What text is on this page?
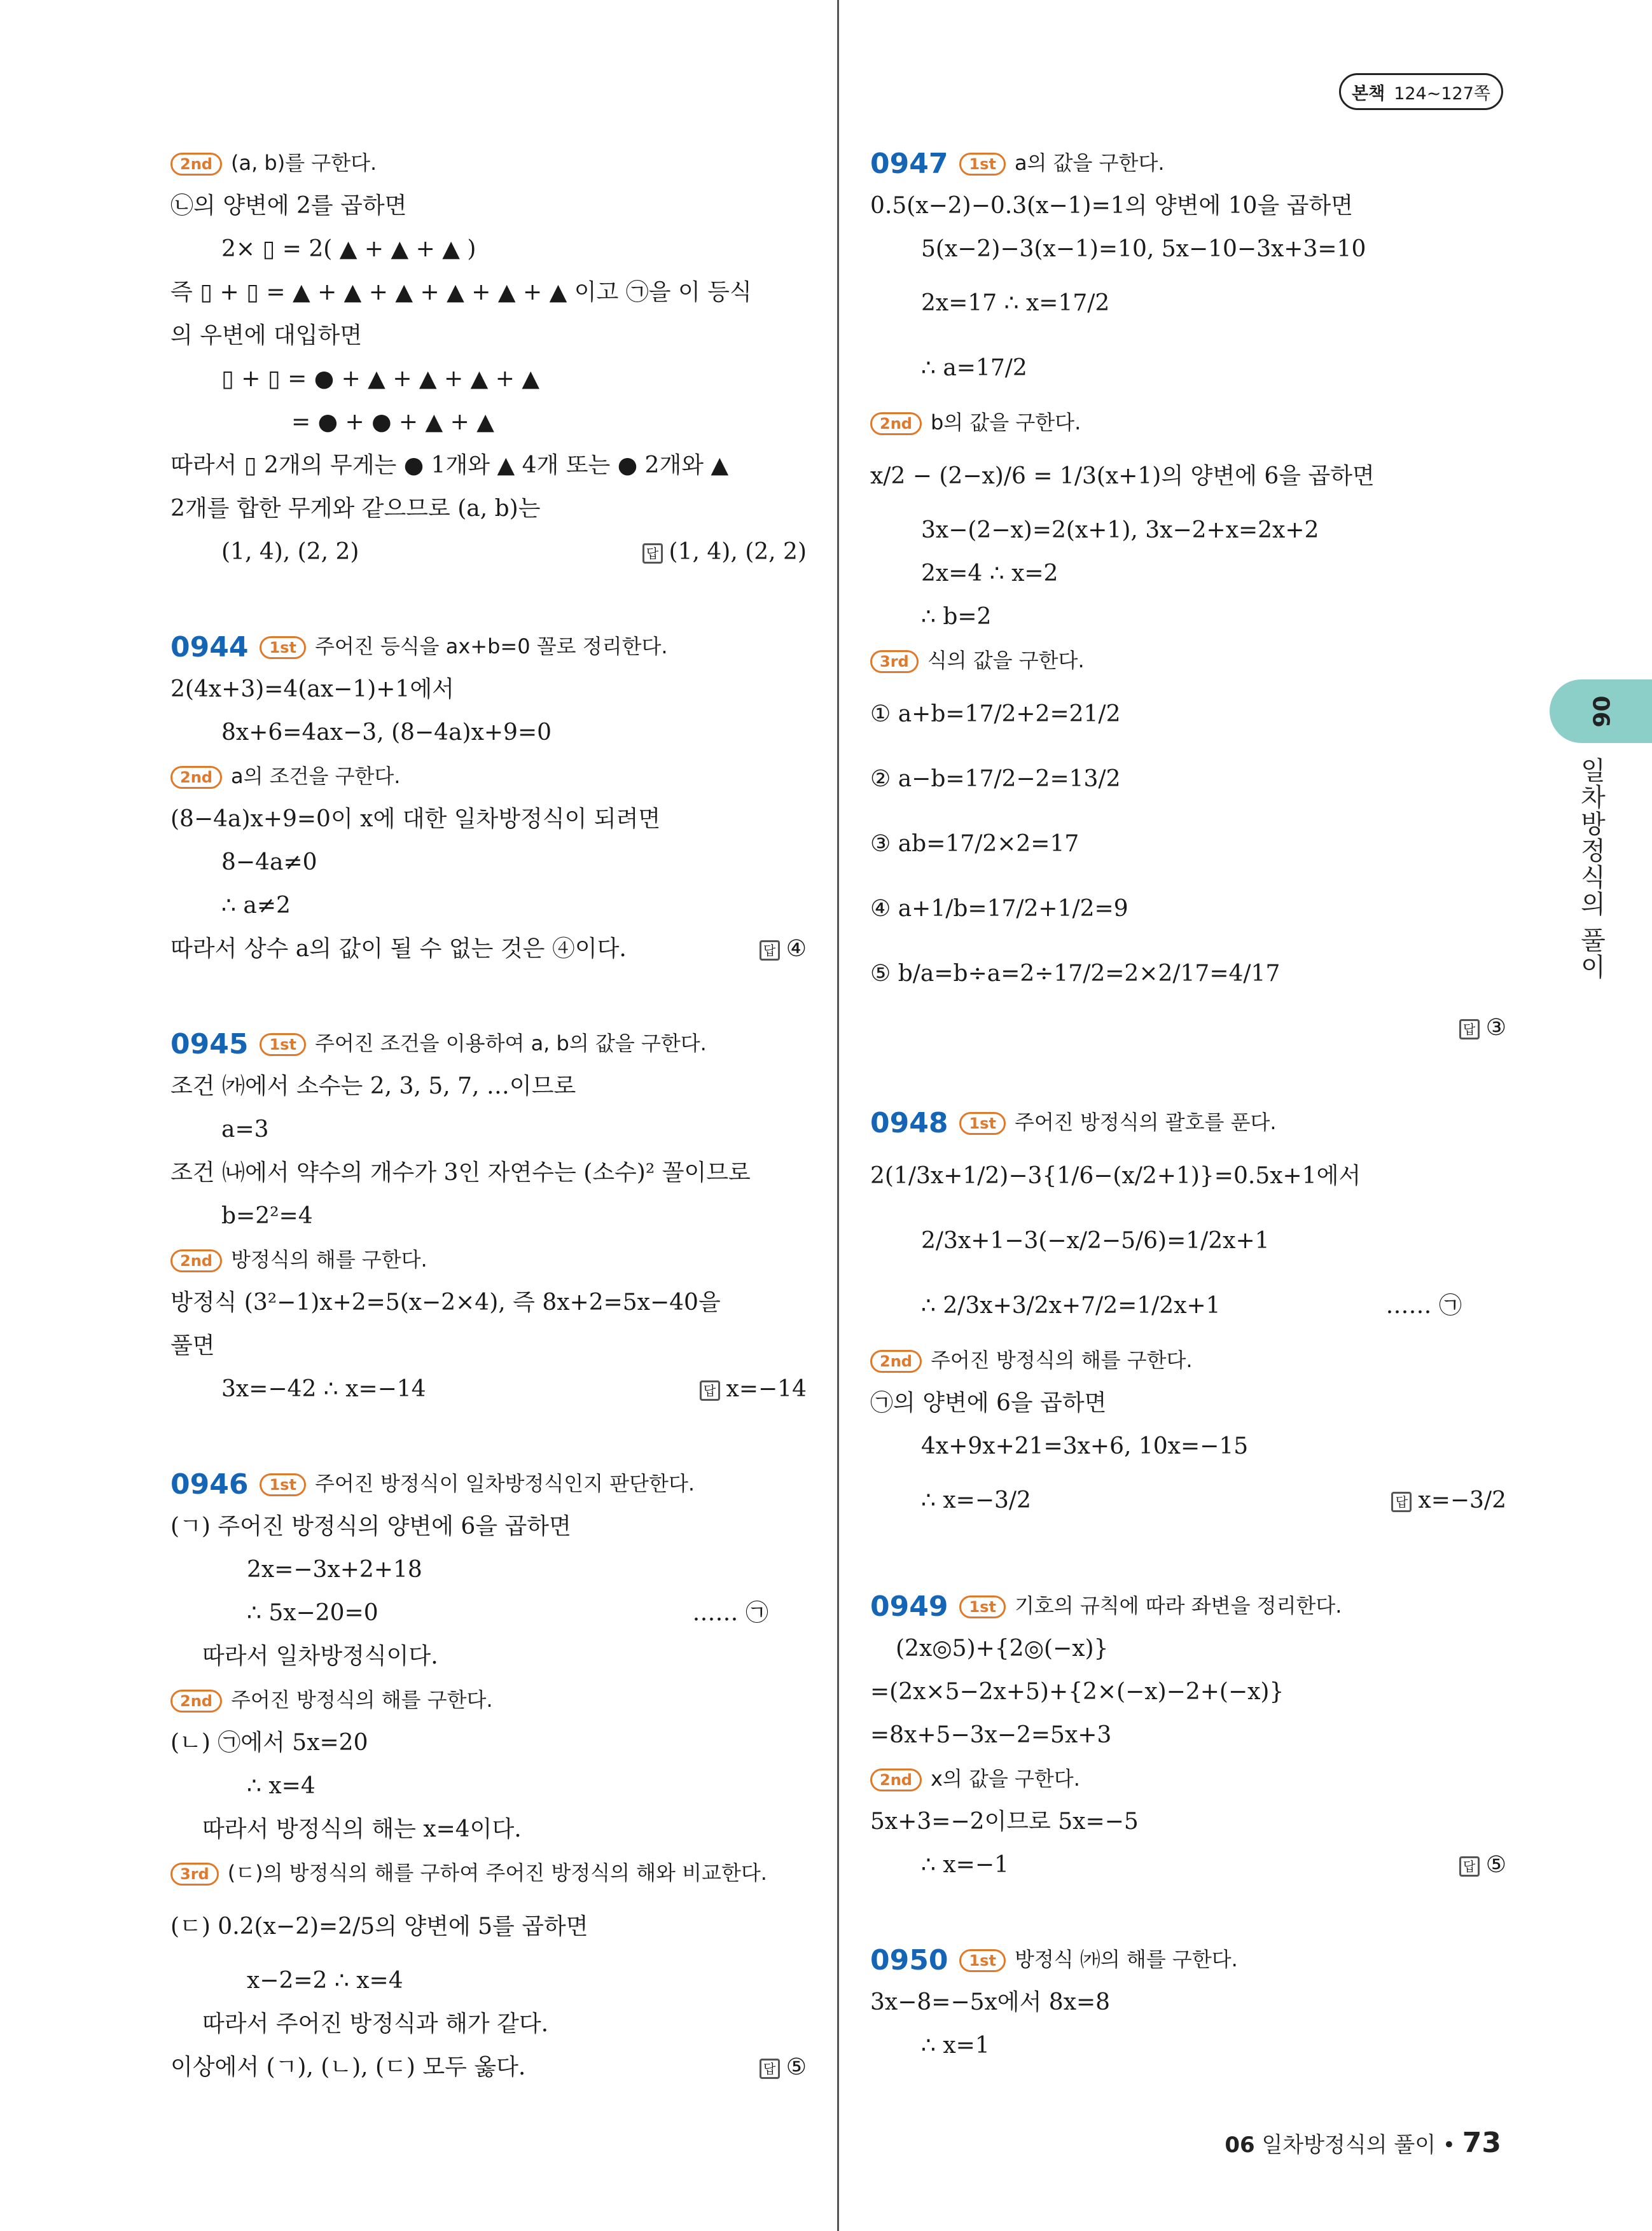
본책 124∼127쪽
2nd (a, b)를 구한다.
㉡의 양변에 2를 곱하면
2× ▯ = 2( ▲ + ▲ + ▲ )
즉 ▯ + ▯ = ▲ + ▲ + ▲ + ▲ + ▲ + ▲ 이고 ㉠을 이 등식
의 우변에 대입하면
▯ + ▯ = ● + ▲ + ▲ + ▲ + ▲
= ● + ● + ▲ + ▲
따라서 ▯ 2개의 무게는 ● 1개와 ▲ 4개 또는 ● 2개와 ▲
2개를 합한 무게와 같으므로 (a, b)는
(1, 4), (2, 2)	답 (1, 4), (2, 2)
0944 1st 주어진 등식을 ax+b=0 꼴로 정리한다.
2(4x+3)=4(ax−1)+1에서
8x+6=4ax−3, (8−4a)x+9=0
2nd a의 조건을 구한다.
(8−4a)x+9=0이 x에 대한 일차방정식이 되려면
8−4a≠0
∴ a≠2
따라서 상수 a의 값이 될 수 없는 것은 ④이다.	답 ④
0945 1st 주어진 조건을 이용하여 a, b의 값을 구한다.
조건 ㈎에서 소수는 2, 3, 5, 7, …이므로
a=3
조건 ㈏에서 약수의 개수가 3인 자연수는 (소수)² 꼴이므로
b=2²=4
2nd 방정식의 해를 구한다.
방정식 (3²−1)x+2=5(x−2×4), 즉 8x+2=5x−40을
풀면
3x=−42 ∴ x=−14	답 x=−14
0946 1st 주어진 방정식이 일차방정식인지 판단한다.
(ㄱ) 주어진 방정식의 양변에 6을 곱하면
2x=−3x+2+18
∴ 5x−20=0	…… ㉠
따라서 일차방정식이다.
2nd 주어진 방정식의 해를 구한다.
(ㄴ) ㉠에서 5x=20
∴ x=4
따라서 방정식의 해는 x=4이다.
3rd (ㄷ)의 방정식의 해를 구하여 주어진 방정식의 해와 비교한다.
(ㄷ) 0.2(x−2)=2/5의 양변에 5를 곱하면
x−2=2 ∴ x=4
따라서 주어진 방정식과 해가 같다.
이상에서 (ㄱ), (ㄴ), (ㄷ) 모두 옳다.	답 ⑤
0947 1st a의 값을 구한다.
0.5(x−2)−0.3(x−1)=1의 양변에 10을 곱하면
5(x−2)−3(x−1)=10, 5x−10−3x+3=10
2x=17 ∴ x=17/2
∴ a=17/2
2nd b의 값을 구한다.
x/2 − (2−x)/6 = 1/3(x+1)의 양변에 6을 곱하면
3x−(2−x)=2(x+1), 3x−2+x=2x+2
2x=4 ∴ x=2
∴ b=2
3rd 식의 값을 구한다.
① a+b=17/2+2=21/2
② a−b=17/2−2=13/2
③ ab=17/2×2=17
④ a+1/b=17/2+1/2=9
⑤ b/a=b÷a=2÷17/2=2×2/17=4/17
답 ③
0948 1st 주어진 방정식의 괄호를 푼다.
2(1/3x+1/2)−3{1/6−(x/2+1)}=0.5x+1에서
2/3x+1−3(−x/2−5/6)=1/2x+1
∴ 2/3x+3/2x+7/2=1/2x+1	…… ㉠
2nd 주어진 방정식의 해를 구한다.
㉠의 양변에 6을 곱하면
4x+9x+21=3x+6, 10x=−15
∴ x=−3/2	답 x=−3/2
0949 1st 기호의 규칙에 따라 좌변을 정리한다.
(2x◎5)+{2◎(−x)}
=(2x×5−2x+5)+{2×(−x)−2+(−x)}
=8x+5−3x−2=5x+3
2nd x의 값을 구한다.
5x+3=−2이므로 5x=−5
∴ x=−1	답 ⑤
0950 1st 방정식 ㈎의 해를 구한다.
3x−8=−5x에서 8x=8
∴ x=1
06
일차방정식의 풀이
06 일차방정식의 풀이 • 73
